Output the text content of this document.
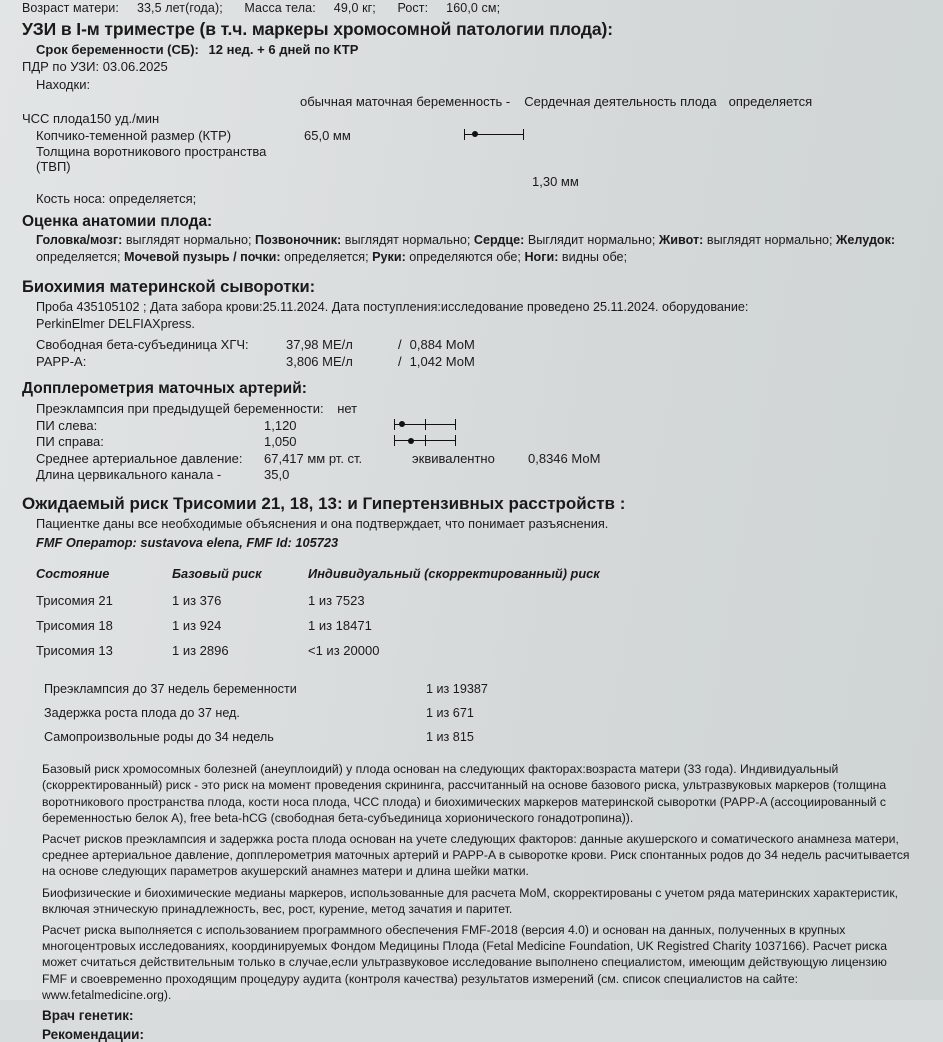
Возраст матери: 33,5 лет(года); Масса тела: 49,0 кг; Рост: 160,0 см;
УЗИ в I-м триместре (в т.ч. маркеры хромосомной патологии плода):
Срок беременности (СБ): 12 нед. + 6 дней по КТР
ПДР по УЗИ: 03.06.2025
Находки:
обычная маточная беременность - Сердечная деятельность плода определяется
ЧСС плода150 уд./мин
Копчико-теменной размер (КТР)	65,0 мм
Толщина воротникового пространства (ТВП)
1,30 мм
Кость носа: определяется;
Оценка анатомии плода:
Головка/мозг: выглядят нормально; Позвоночник: выглядят нормально; Сердце: Выглядит нормально; Живот: выглядят нормально; Желудок: определяется; Мочевой пузырь / почки: определяется; Руки: определяются обе; Ноги: видны обе;
Биохимия материнской сыворотки:
Проба 435105102 ; Дата забора крови:25.11.2024. Дата поступления:исследование проведено 25.11.2024. оборудование:
PerkinElmer DELFIAXpress.
Свободная бета-субъединица ХГЧ:	37,98 МЕ/л	/ 0,884 МоМ
PAPP-A:	3,806 МЕ/л	/ 1,042 МоМ
Допплерометрия маточных артерий:
Преэклампсия при предыдущей беременности: нет
ПИ слева:	1,120
ПИ справа:	1,050
Среднее артериальное давление:	67,417 мм рт. ст.	эквивалентно	0,8346 МоМ
Длина цервикального канала -	35,0
Ожидаемый риск Трисомии 21, 18, 13: и Гипертензивных расстройств :
Пациентке даны все необходимые объяснения и она подтверждает, что понимает разъяснения.
FMF Оператор: sustavova elena, FMF Id: 105723
Состояние	Базовый риск	Индивидуальный (скорректированный) риск
Трисомия 21	1 из 376	1 из 7523
Трисомия 18	1 из 924	1 из 18471
Трисомия 13	1 из 2896	<1 из 20000
Преэклампсия до 37 недель беременности	1 из 19387
Задержка роста плода до 37 нед.	1 из 671
Самопроизвольные роды до 34 недель	1 из 815

Базовый риск хромосомных болезней (анеуплоидий) у плода основан на следующих факторах:возраста матери (33 года). Индивидуальный (скорректированный) риск - это риск на момент проведения скрининга, рассчитанный на основе базового риска, ультразвуковых маркеров (толщина воротникового пространства плода, кости носа плода, ЧСС плода) и биохимических маркеров материнской сыворотки (PAPP-A (ассоциированный с беременностью белок А), free beta-hCG (свободная бета-субъединица хорионического гонадотропина)).

Расчет рисков преэклампсия и задержка роста плода основан на учете следующих факторов: данные акушерского и соматического анамнеза матери, среднее артериальное давление, допплерометрия маточных артерий и PAPP-A в сыворотке крови. Риск спонтанных родов до 34 недель расчитывается на основе следующих параметров акушерский анамнез матери и длина шейки матки.

Биофизические и биохимические медианы маркеров, использованные для расчета МоМ, скорректированы с учетом ряда материнских характеристик, включая этническую принадлежность, вес, рост, курение, метод зачатия и паритет.

Расчет риска выполняется с использованием программного обеспечения FMF-2018 (версия 4.0) и основан на данных, полученных в крупных многоцентровых исследованиях, координируемых Фондом Медицины Плода (Fetal Medicine Foundation, UK Registred Charity 1037166). Расчет риска может считаться действительным только в случае,если ультразвуковое исследование выполнено специалистом, имеющим действующую лицензию FMF и своевременно проходящим процедуру аудита (контроля качества) результатов измерений (см. список специалистов на сайте: www.fetalmedicine.org).

Врач генетик:
Рекомендации:
